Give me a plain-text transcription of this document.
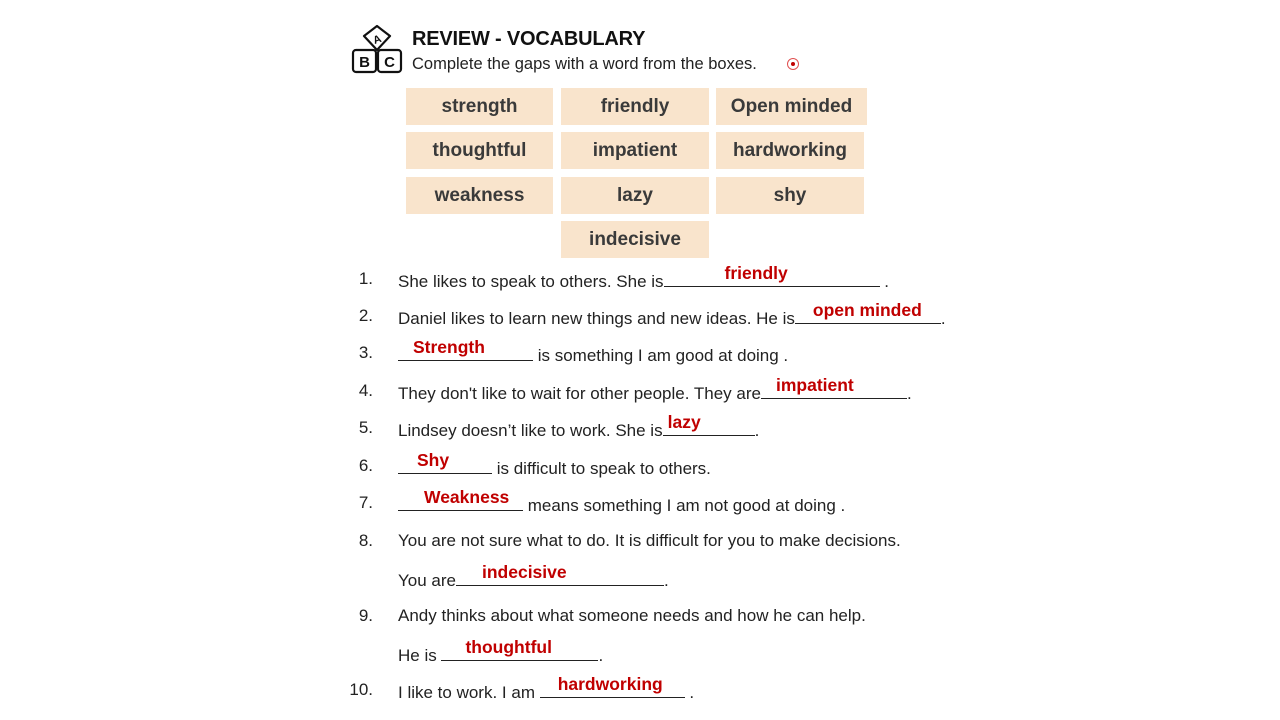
A
B C
REVIEW - VOCABULARY
Complete the gaps with a word from the boxes.
strength	friendly	Open minded
thoughtful	impatient	hardworking
weakness	lazy	shy
indecisive
1. She likes to speak to others. She is	friendly	.
2. Daniel likes to learn new things and new ideas. He is open minded .
3. Strength	is something I am good at doing .
4. They don't like to wait for other people. They are impatient	.
5. Lindsey doesn’t like to work. She is lazy	.
6.	Shy	is difficult to speak to others.
7.	Weakness means something I am not good at doing .
8. You are not sure what to do. It is difficult for you to make decisions.
You are indecisive	.
9. Andy thinks about what someone needs and how he can help.
He is thoughtful	.
10. I like to work. I am hardworking .
